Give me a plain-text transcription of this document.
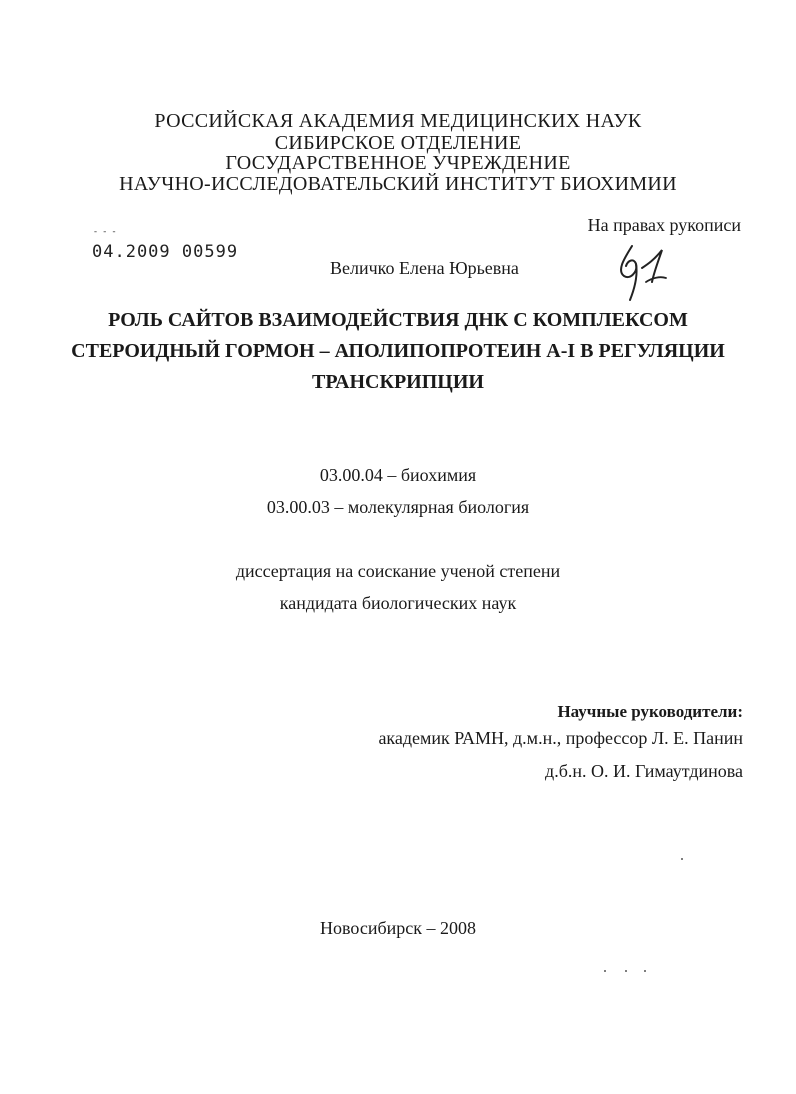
РОССИЙСКАЯ АКАДЕМИЯ МЕДИЦИНСКИХ НАУК
СИБИРСКОЕ ОТДЕЛЕНИЕ
ГОСУДАРСТВЕННОЕ УЧРЕЖДЕНИЕ
НАУЧНО-ИССЛЕДОВАТЕЛЬСКИЙ ИНСТИТУТ БИОХИМИИ
На правах рукописи
- - -
04.2009 00599
Величко Елена Юрьевна
РОЛЬ САЙТОВ ВЗАИМОДЕЙСТВИЯ ДНК С КОМПЛЕКСОМ
СТЕРОИДНЫЙ ГОРМОН – АПОЛИПОПРОТЕИН А-I В РЕГУЛЯЦИИ
ТРАНСКРИПЦИИ
03.00.04 – биохимия
03.00.03 – молекулярная биология
диссертация на соискание ученой степени
кандидата биологических наук
Научные руководители:
академик РАМН, д.м.н., профессор Л. Е. Панин
д.б.н. О. И. Гимаутдинова
Новосибирск – 2008
